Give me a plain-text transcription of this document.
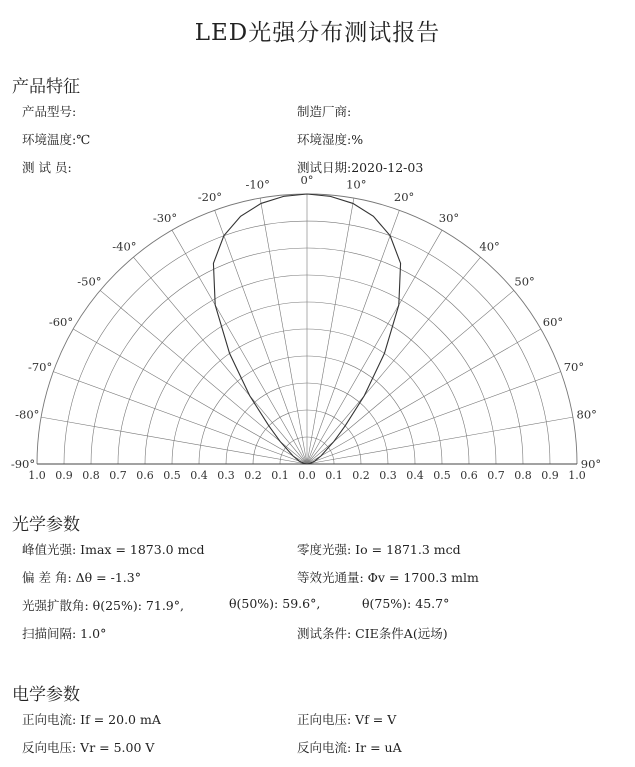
LED光强分布测试报告
产品特征
产品型号:	制造厂商:
环境温度:℃	环境湿度:%
测 试 员:	测试日期:2020-12-03
0°	10°
20°
30°
40°
50°
60°
70°
80°
90°
-10°
-20°
-30°
-40°
-50°
-60°
-70°
-80°
-90°
1.0 0.9 0.8 0.7 0.6 0.5 0.4 0.3 0.2 0.1 0.0 0.1 0.2 0.3 0.4 0.5 0.6 0.7 0.8 0.9 1.0
光学参数
峰值光强: Imax = 1873.0 mcd	零度光强: Io = 1871.3 mcd
偏 差 角: Δθ = -1.3°	等效光通量: Φv = 1700.3 mlm
光强扩散角: θ(25%): 71.9°,	θ(50%): 59.6°,	θ(75%): 45.7°
扫描间隔: 1.0°	测试条件: CIE条件A(远场)
电学参数
正向电流: If = 20.0 mA	正向电压: Vf = V
反向电压: Vr = 5.00 V	反向电流: Ir = uA
